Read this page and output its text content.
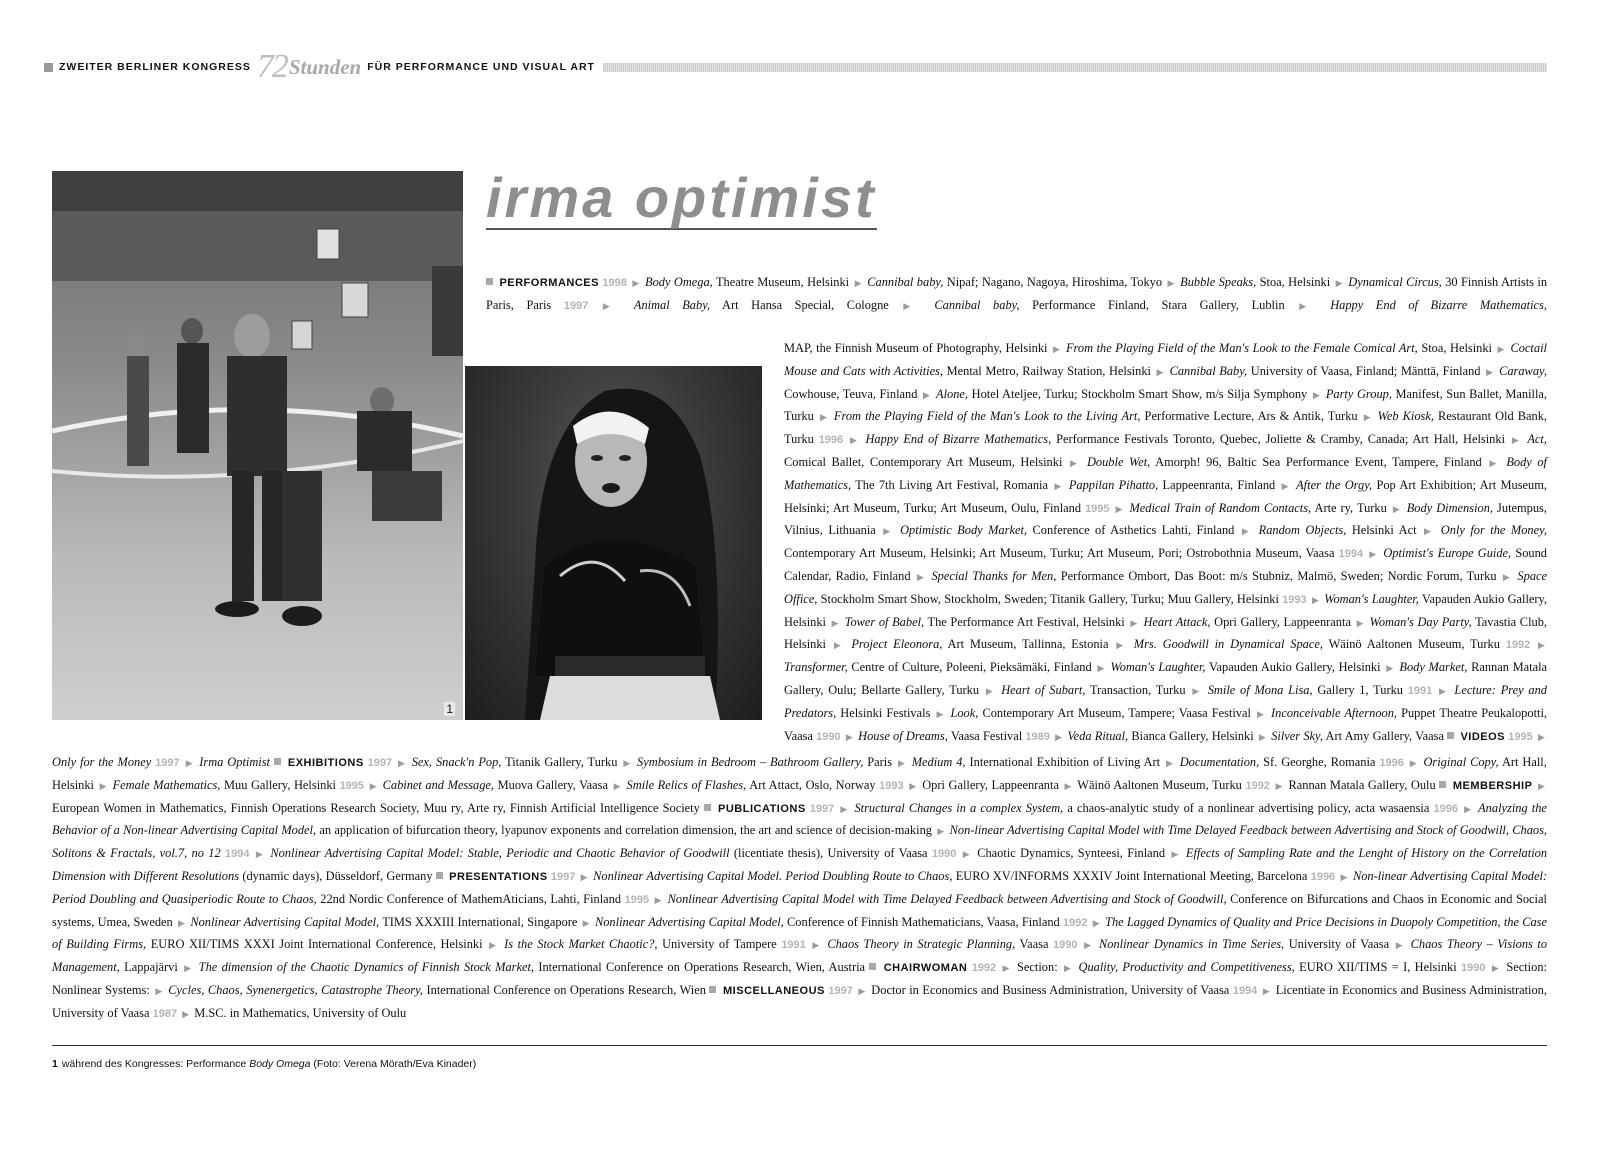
ZWEITER BERLINER KONGRESS 72 Stunden FÜR PERFORMANCE UND VISUAL ART
1
irma optimist

PERFORMANCES 1998 ▶ Body Omega, Theatre Museum, Helsinki ▶ Cannibal baby, Nipaf; Nagano, Nagoya, Hiroshima, Tokyo ▶ Bubble Speaks, Stoa, Helsinki ▶ Dynamical Circus, 30 Finnish Artists in Paris, Paris 1997 ▶ Animal Baby, Art Hansa Special, Cologne ▶ Cannibal baby, Performance Finland, Stara Gallery, Lublin ▶ Happy End of Bizarre Mathematics,

MAP, the Finnish Museum of Photography, Helsinki ▶ From the Playing Field of the Man's Look to the Female Comical Art, Stoa, Helsinki ▶ Coctail Mouse and Cats with Activities, Mental Metro, Railway Station, Helsinki ▶ Cannibal Baby, University of Vaasa, Finland; Mänttä, Finland ▶ Caraway, Cowhouse, Teuva, Finland ▶ Alone, Hotel Ateljee, Turku; Stockholm Smart Show, m/s Silja Symphony ▶ Party Group, Manifest, Sun Ballet, Manilla, Turku ▶ From the Playing Field of the Man's Look to the Living Art, Performative Lecture, Ars & Antik, Turku ▶ Web Kiosk, Restaurant Old Bank, Turku 1996 ▶ Happy End of Bizarre Mathematics, Performance Festivals Toronto, Quebec, Joliette & Cramby, Canada; Art Hall, Helsinki ▶ Act, Comical Ballet, Contemporary Art Museum, Helsinki ▶ Double Wet, Amorph! 96, Baltic Sea Performance Event, Tampere, Finland ▶ Body of Mathematics, The 7th Living Art Festival, Romania ▶ Pappilan Pihatto, Lappeenranta, Finland ▶ After the Orgy, Pop Art Exhibition; Art Museum, Helsinki; Art Museum, Turku; Art Museum, Oulu, Finland 1995 ▶ Medical Train of Random Contacts, Arte ry, Turku ▶ Body Dimension, Jutempus, Vilnius, Lithuania ▶ Optimistic Body Market, Conference of Asthetics Lahti, Finland ▶ Random Objects, Helsinki Act ▶ Only for the Money, Contemporary Art Museum, Helsinki; Art Museum, Turku; Art Museum, Pori; Ostrobothnia Museum, Vaasa 1994 ▶ Optimist's Europe Guide, Sound Calendar, Radio, Finland ▶ Special Thanks for Men, Performance Ombort, Das Boot: m/s Stubniz, Malmö, Sweden; Nordic Forum, Turku ▶ Space Office, Stockholm Smart Show, Stockholm, Sweden; Titanik Gallery, Turku; Muu Gallery, Helsinki 1993 ▶ Woman's Laughter, Vapauden Aukio Gallery, Helsinki ▶ Tower of Babel, The Performance Art Festival, Helsinki ▶ Heart Attack, Opri Gallery, Lappeenranta ▶ Woman's Day Party, Tavastia Club, Helsinki ▶ Project Eleonora, Art Museum, Tallinna, Estonia ▶ Mrs. Goodwill in Dynamical Space, Wäinö Aaltonen Museum, Turku 1992 ▶ Transformer, Centre of Culture, Poleeni, Pieksämäki, Finland ▶ Woman's Laughter, Vapauden Aukio Gallery, Helsinki ▶ Body Market, Rannan Matala Gallery, Oulu; Bellarte Gallery, Turku ▶ Heart of Subart, Transaction, Turku ▶ Smile of Mona Lisa, Gallery 1, Turku 1991 ▶ Lecture: Prey and Predators, Helsinki Festivals ▶ Look, Contemporary Art Museum, Tampere; Vaasa Festival ▶ Inconceivable Afternoon, Puppet Theatre Peukalopotti, Vaasa 1990 ▶ House of Dreams, Vaasa Festival 1989 ▶ Veda Ritual, Bianca Gallery, Helsinki ▶ Silver Sky, Art Amy Gallery, Vaasa VIDEOS 1995 ▶

Only for the Money 1997 ▶ Irma Optimist EXHIBITIONS 1997 ▶ Sex, Snack'n Pop, Titanik Gallery, Turku ▶ Symbosium in Bedroom – Bathroom Gallery, Paris ▶ Medium 4, International Exhibition of Living Art ▶ Documentation, Sf. Georghe, Romania 1996 ▶ Original Copy, Art Hall, Helsinki ▶ Female Mathematics, Muu Gallery, Helsinki 1995 ▶ Cabinet and Message, Muova Gallery, Vaasa ▶ Smile Relics of Flashes, Art Attact, Oslo, Norway 1993 ▶ Opri Gallery, Lappeenranta ▶ Wäinö Aaltonen Museum, Turku 1992 ▶ Rannan Matala Gallery, Oulu MEMBERSHIP ▶ European Women in Mathematics, Finnish Operations Research Society, Muu ry, Arte ry, Finnish Artificial Intelligence Society PUBLICATIONS 1997 ▶ Structural Changes in a complex System, a chaos-analytic study of a nonlinear advertising policy, acta wasaensia 1996 ▶ Analyzing the Behavior of a Non-linear Advertising Capital Model, an application of bifurcation theory, lyapunov exponents and correlation dimension, the art and science of decision-making ▶ Non-linear Advertising Capital Model with Time Delayed Feedback between Advertising and Stock of Goodwill, Chaos, Solitons & Fractals, vol.7, no 12 1994 ▶ Nonlinear Advertising Capital Model: Stable, Periodic and Chaotic Behavior of Goodwill (licentiate thesis), University of Vaasa 1990 ▶ Chaotic Dynamics, Synteesi, Finland ▶ Effects of Sampling Rate and the Lenght of History on the Correlation Dimension with Different Resolutions (dynamic days), Düsseldorf, Germany PRESENTATIONS 1997 ▶ Nonlinear Advertising Capital Model. Period Doubling Route to Chaos, EURO XV/INFORMS XXXIV Joint International Meeting, Barcelona 1996 ▶ Non-linear Advertising Capital Model: Period Doubling and Quasiperiodic Route to Chaos, 22nd Nordic Conference of MathemAticians, Lahti, Finland 1995 ▶ Nonlinear Advertising Capital Model with Time Delayed Feedback between Advertising and Stock of Goodwill, Conference on Bifurcations and Chaos in Economic and Social systems, Umea, Sweden ▶ Nonlinear Advertising Capital Model, TIMS XXXIII International, Singapore ▶ Nonlinear Advertising Capital Model, Conference of Finnish Mathematicians, Vaasa, Finland 1992 ▶ The Lagged Dynamics of Quality and Price Decisions in Duopoly Competition, the Case of Building Firms, EURO XII/TIMS XXXI Joint International Conference, Helsinki ▶ Is the Stock Market Chaotic?, University of Tampere 1991 ▶ Chaos Theory in Strategic Planning, Vaasa 1990 ▶ Nonlinear Dynamics in Time Series, University of Vaasa ▶ Chaos Theory – Visions to Management, Lappajärvi ▶ The dimension of the Chaotic Dynamics of Finnish Stock Market, International Conference on Operations Research, Wien, Austria CHAIRWOMAN 1992 ▶ Section: ▶ Quality, Productivity and Competitiveness, EURO XII/TIMS = I, Helsinki 1990 ▶ Section: Nonlinear Systems: ▶ Cycles, Chaos, Synenergetics, Catastrophe Theory, International Conference on Operations Research, Wien MISCELLANEOUS 1997 ▶ Doctor in Economics and Business Administration, University of Vaasa 1994 ▶ Licentiate in Economics and Business Administration, University of Vaasa 1987 ▶ M.SC. in Mathematics, University of Oulu

1 während des Kongresses: Performance Body Omega (Foto: Verena Mörath/Eva Kinader)
